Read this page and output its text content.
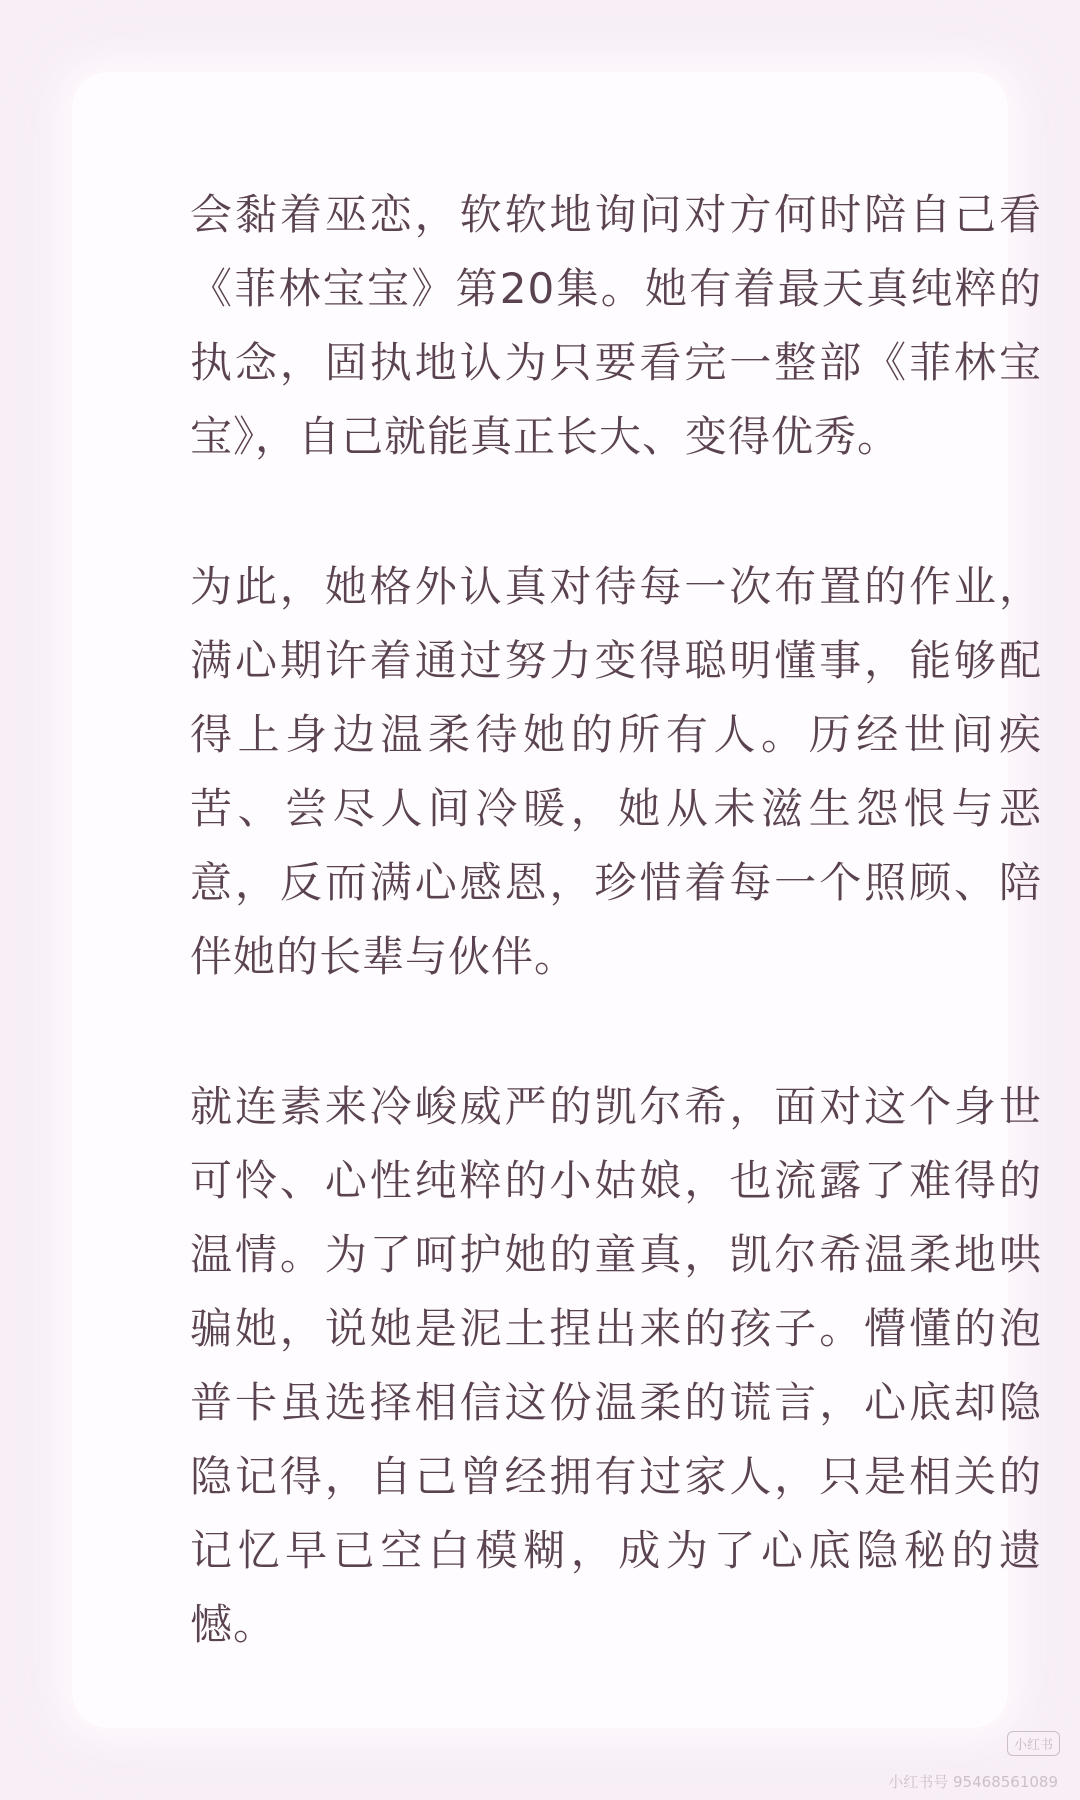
会黏着巫恋，软软地询问对方何时陪自己看《菲林宝宝》第20集。她有着最天真纯粹的执念，固执地认为只要看完一整部《菲林宝宝》，自己就能真正长大、变得优秀。

为此，她格外认真对待每一次布置的作业，满心期许着通过努力变得聪明懂事，能够配得上身边温柔待她的所有人。历经世间疾苦、尝尽人间冷暖，她从未滋生怨恨与恶意，反而满心感恩，珍惜着每一个照顾、陪伴她的长辈与伙伴。

就连素来冷峻威严的凯尔希，面对这个身世可怜、心性纯粹的小姑娘，也流露了难得的温情。为了呵护她的童真，凯尔希温柔地哄骗她，说她是泥土捏出来的孩子。懵懂的泡普卡虽选择相信这份温柔的谎言，心底却隐隐记得，自己曾经拥有过家人，只是相关的记忆早已空白模糊，成为了心底隐秘的遗憾。

小红书
小红书号 95468561089
